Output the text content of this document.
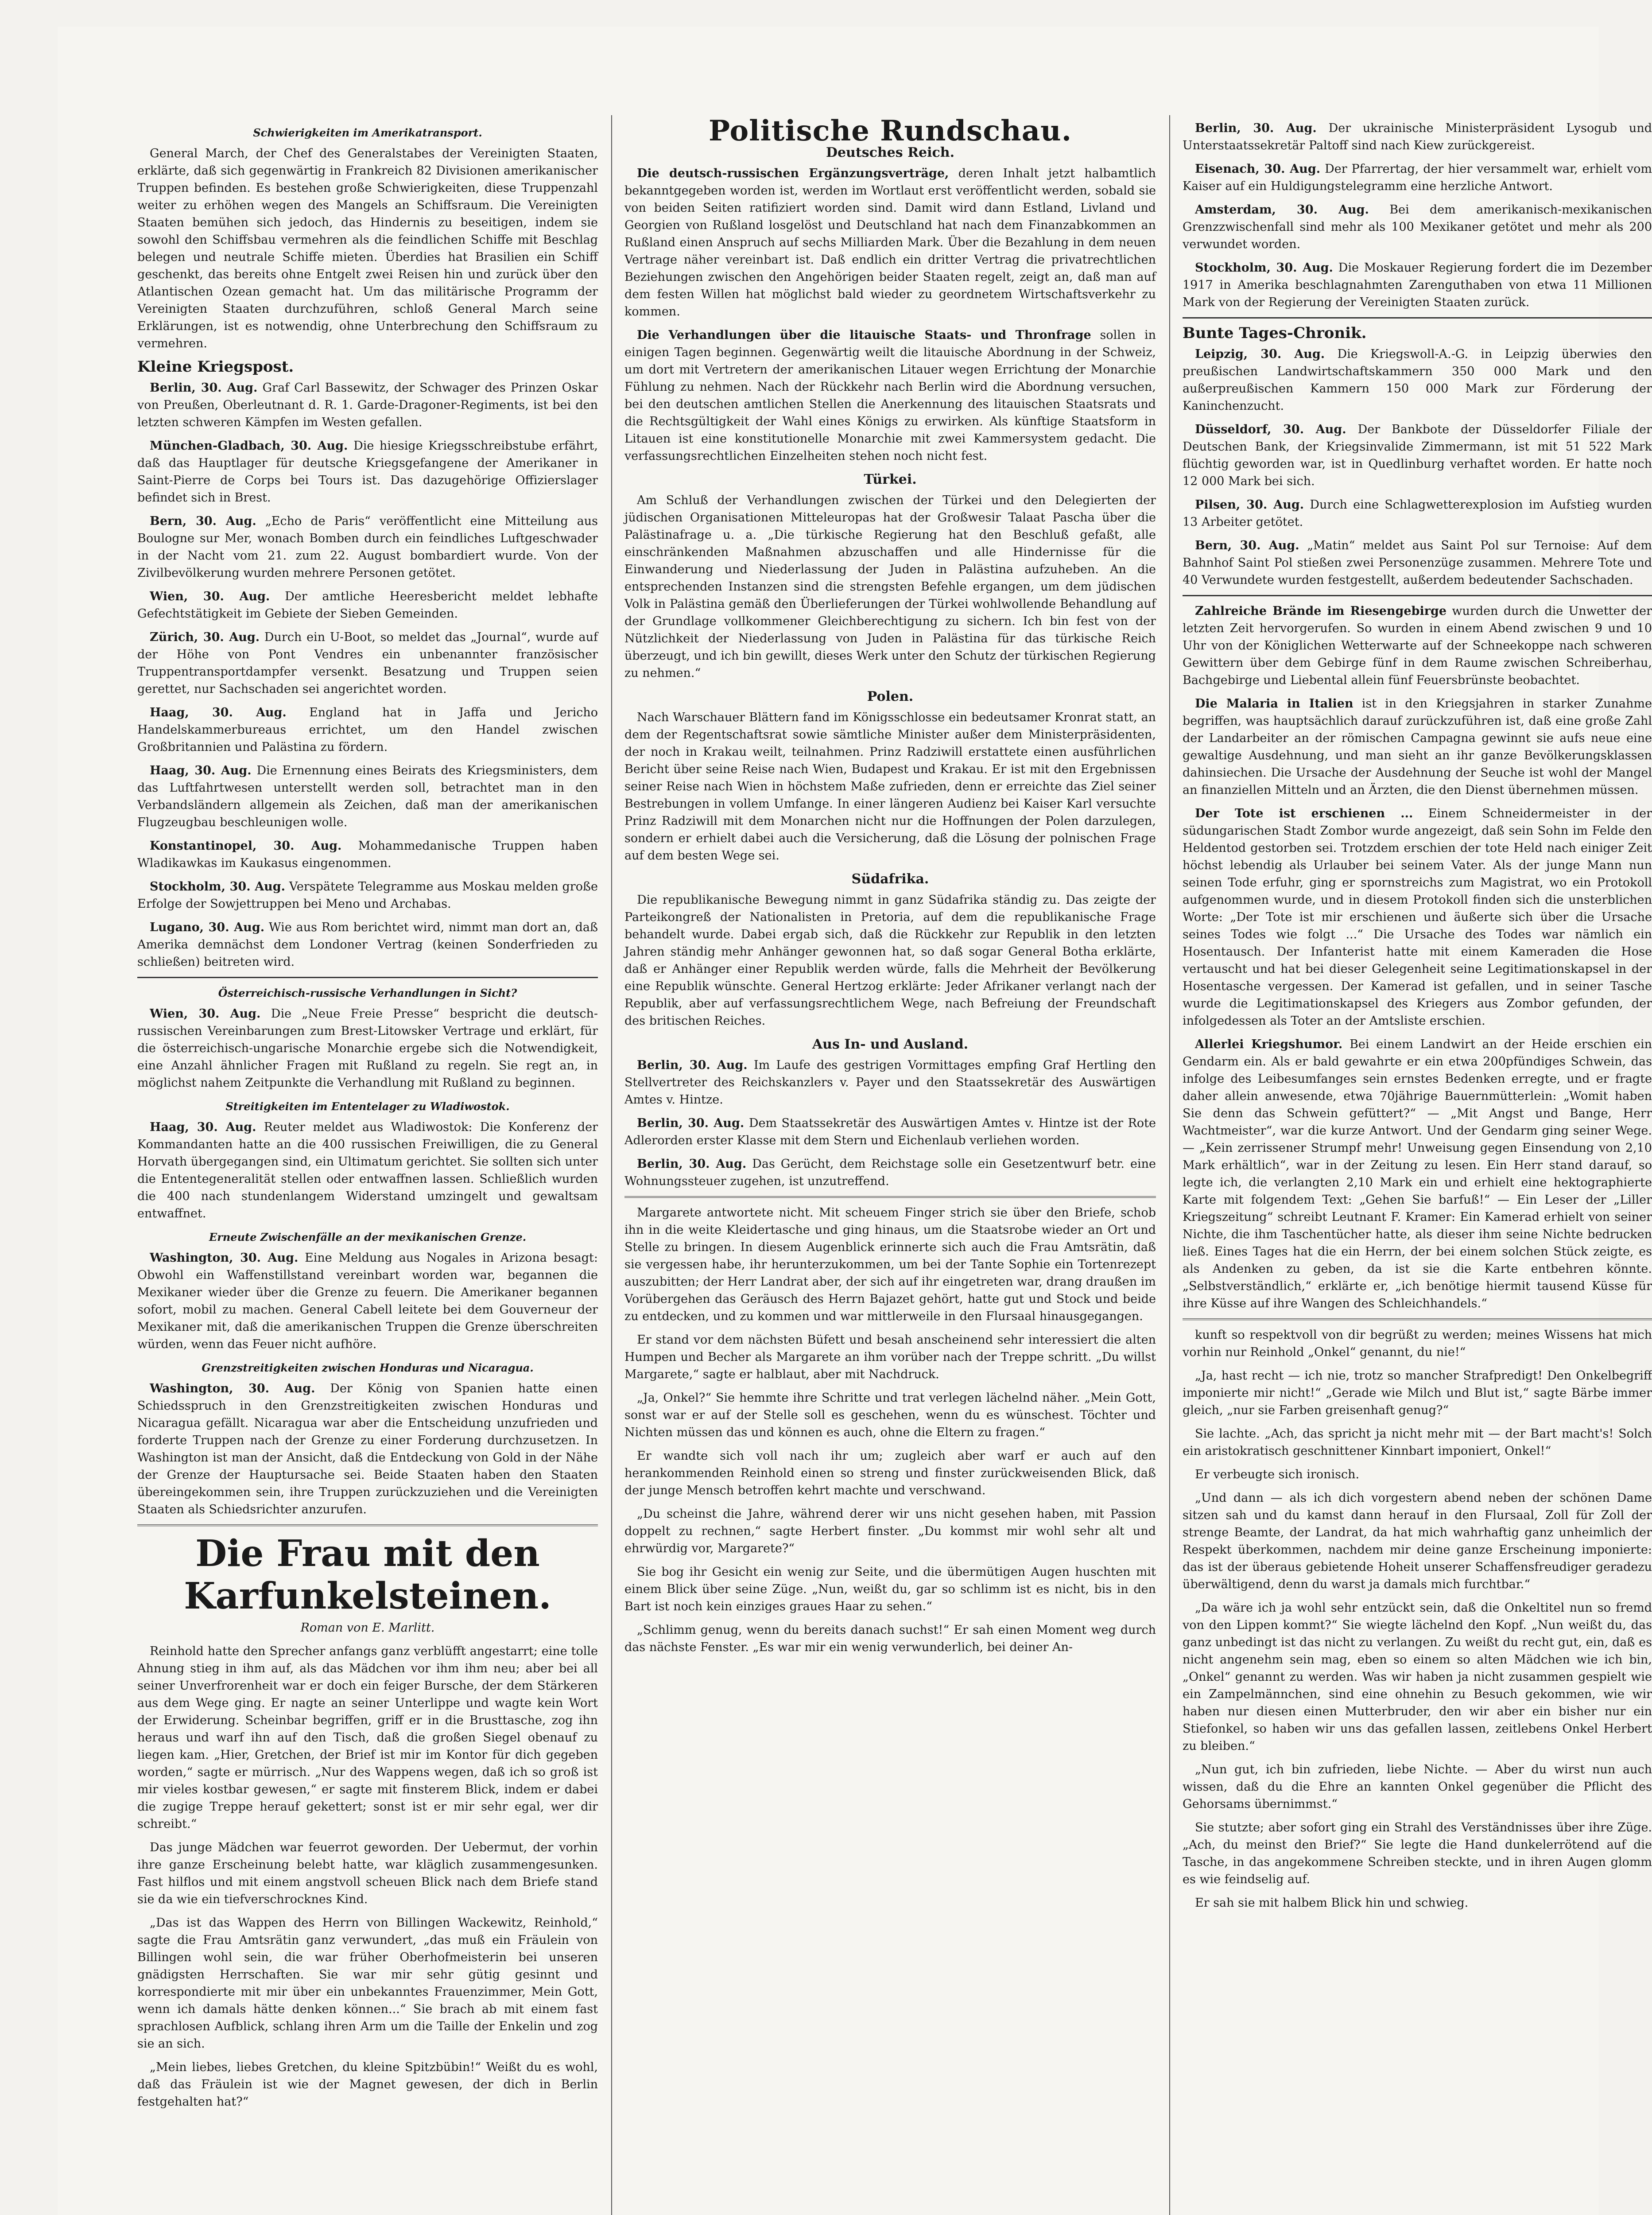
Schwierigkeiten im Amerikatransport.

General March, der Chef des Generalstabes der Vereinigten Staaten, erklärte, daß sich gegenwärtig in Frankreich 82 Divisionen amerikanischer Truppen befinden. Es bestehen große Schwierigkeiten, diese Truppenzahl weiter zu erhöhen wegen des Mangels an Schiffsraum. Die Vereinigten Staaten bemühen sich jedoch, das Hindernis zu beseitigen, indem sie sowohl den Schiffsbau vermehren als die feindlichen Schiffe mit Beschlag belegen und neutrale Schiffe mieten. Überdies hat Brasilien ein Schiff geschenkt, das bereits ohne Entgelt zwei Reisen hin und zurück über den Atlantischen Ozean gemacht hat. Um das militärische Programm der Vereinigten Staaten durchzuführen, schloß General March seine Erklärungen, ist es notwendig, ohne Unterbrechung den Schiffsraum zu vermehren.

Kleine Kriegspost.

Berlin, 30. Aug. Graf Carl Bassewitz, der Schwager des Prinzen Oskar von Preußen, Oberleutnant d. R. 1. Garde-Dragoner-Regiments, ist bei den letzten schweren Kämpfen im Westen gefallen.

München-Gladbach, 30. Aug. Die hiesige Kriegsschreibstube erfährt, daß das Hauptlager für deutsche Kriegsgefangene der Amerikaner in Saint-Pierre de Corps bei Tours ist. Das dazugehörige Offizierslager befindet sich in Brest.

Bern, 30. Aug. „Echo de Paris“ veröffentlicht eine Mitteilung aus Boulogne sur Mer, wonach Bomben durch ein feindliches Luftgeschwader in der Nacht vom 21. zum 22. August bombardiert wurde. Von der Zivilbevölkerung wurden mehrere Personen getötet.

Wien, 30. Aug. Der amtliche Heeresbericht meldet lebhafte Gefechtstätigkeit im Gebiete der Sieben Gemeinden.

Zürich, 30. Aug. Durch ein U-Boot, so meldet das „Journal“, wurde auf der Höhe von Pont Vendres ein unbenannter französischer Truppentransportdampfer versenkt. Besatzung und Truppen seien gerettet, nur Sachschaden sei angerichtet worden.

Haag, 30. Aug. England hat in Jaffa und Jericho Handelskammerbureaus errichtet, um den Handel zwischen Großbritannien und Palästina zu fördern.

Haag, 30. Aug. Die Ernennung eines Beirats des Kriegsministers, dem das Luftfahrtwesen unterstellt werden soll, betrachtet man in den Verbandsländern allgemein als Zeichen, daß man der amerikanischen Flugzeugbau beschleunigen wolle.

Konstantinopel, 30. Aug. Mohammedanische Truppen haben Wladikawkas im Kaukasus eingenommen.

Stockholm, 30. Aug. Verspätete Telegramme aus Moskau melden große Erfolge der Sowjettruppen bei Meno und Archabas.

Lugano, 30. Aug. Wie aus Rom berichtet wird, nimmt man dort an, daß Amerika demnächst dem Londoner Vertrag (keinen Sonderfrieden zu schließen) beitreten wird.

Österreichisch-russische Verhandlungen in Sicht?

Wien, 30. Aug. Die „Neue Freie Presse“ bespricht die deutsch-russischen Vereinbarungen zum Brest-Litowsker Vertrage und erklärt, für die österreichisch-ungarische Monarchie ergebe sich die Notwendigkeit, eine Anzahl ähnlicher Fragen mit Rußland zu regeln. Sie regt an, in möglichst nahem Zeitpunkte die Verhandlung mit Rußland zu beginnen.

Streitigkeiten im Ententelager zu Wladiwostok.

Haag, 30. Aug. Reuter meldet aus Wladiwostok: Die Konferenz der Kommandanten hatte an die 400 russischen Freiwilligen, die zu General Horvath übergegangen sind, ein Ultimatum gerichtet. Sie sollten sich unter die Ententegeneralität stellen oder entwaffnen lassen. Schließlich wurden die 400 nach stundenlangem Widerstand umzingelt und gewaltsam entwaffnet.

Erneute Zwischenfälle an der mexikanischen Grenze.

Washington, 30. Aug. Eine Meldung aus Nogales in Arizona besagt: Obwohl ein Waffenstillstand vereinbart worden war, begannen die Mexikaner wieder über die Grenze zu feuern. Die Amerikaner begannen sofort, mobil zu machen. General Cabell leitete bei dem Gouverneur der Mexikaner mit, daß die amerikanischen Truppen die Grenze überschreiten würden, wenn das Feuer nicht aufhöre.

Grenzstreitigkeiten zwischen Honduras und Nicaragua.

Washington, 30. Aug. Der König von Spanien hatte einen Schiedsspruch in den Grenzstreitigkeiten zwischen Honduras und Nicaragua gefällt. Nicaragua war aber die Entscheidung unzufrieden und forderte Truppen nach der Grenze zu einer Forderung durchzusetzen. In Washington ist man der Ansicht, daß die Entdeckung von Gold in der Nähe der Grenze der Hauptursache sei. Beide Staaten haben den Staaten übereingekommen sein, ihre Truppen zurückzuziehen und die Vereinigten Staaten als Schiedsrichter anzurufen.

Die Frau mit den Karfunkelsteinen.
Roman von E. Marlitt.

Reinhold hatte den Sprecher anfangs ganz verblüfft angestarrt; eine tolle Ahnung stieg in ihm auf, als das Mädchen vor ihm ihm neu; aber bei all seiner Unverfrorenheit war er doch ein feiger Bursche, der dem Stärkeren aus dem Wege ging. Er nagte an seiner Unterlippe und wagte kein Wort der Erwiderung. Scheinbar begriffen, griff er in die Brusttasche, zog ihn heraus und warf ihn auf den Tisch, daß die großen Siegel obenauf zu liegen kam. „Hier, Gretchen, der Brief ist mir im Kontor für dich gegeben worden,“ sagte er mürrisch. „Nur des Wappens wegen, daß ich so groß ist mir vieles kostbar gewesen,“ er sagte mit finsterem Blick, indem er dabei die zugige Treppe herauf gekettert; sonst ist er mir sehr egal, wer dir schreibt.“

Das junge Mädchen war feuerrot geworden. Der Uebermut, der vorhin ihre ganze Erscheinung belebt hatte, war kläglich zusammengesunken. Fast hilflos und mit einem angstvoll scheuen Blick nach dem Briefe stand sie da wie ein tiefverschrocknes Kind.

„Das ist das Wappen des Herrn von Billingen Wackewitz, Reinhold,“ sagte die Frau Amtsrätin ganz verwundert, „das muß ein Fräulein von Billingen wohl sein, die war früher Oberhofmeisterin bei unseren gnädigsten Herrschaften. Sie war mir sehr gütig gesinnt und korrespondierte mit mir über ein unbekanntes Frauenzimmer, Mein Gott, wenn ich damals hätte denken können...“ Sie brach ab mit einem fast sprachlosen Aufblick, schlang ihren Arm um die Taille der Enkelin und zog sie an sich.

„Mein liebes, liebes Gretchen, du kleine Spitzbübin!“ Weißt du es wohl, daß das Fräulein ist wie der Magnet gewesen, der dich in Berlin festgehalten hat?“

Politische Rundschau.
Deutsches Reich.

Die deutsch-russischen Ergänzungsverträge, deren Inhalt jetzt halbamtlich bekanntgegeben worden ist, werden im Wortlaut erst veröffentlicht werden, sobald sie von beiden Seiten ratifiziert worden sind. Damit wird dann Estland, Livland und Georgien von Rußland losgelöst und Deutschland hat nach dem Finanzabkommen an Rußland einen Anspruch auf sechs Milliarden Mark. Über die Bezahlung in dem neuen Vertrage näher vereinbart ist. Daß endlich ein dritter Vertrag die privatrechtlichen Beziehungen zwischen den Angehörigen beider Staaten regelt, zeigt an, daß man auf dem festen Willen hat möglichst bald wieder zu geordnetem Wirtschaftsverkehr zu kommen.

Die Verhandlungen über die litauische Staats- und Thronfrage sollen in einigen Tagen beginnen. Gegenwärtig weilt die litauische Abordnung in der Schweiz, um dort mit Vertretern der amerikanischen Litauer wegen Errichtung der Monarchie Fühlung zu nehmen. Nach der Rückkehr nach Berlin wird die Abordnung versuchen, bei den deutschen amtlichen Stellen die Anerkennung des litauischen Staatsrats und die Rechtsgültigkeit der Wahl eines Königs zu erwirken. Als künftige Staatsform in Litauen ist eine konstitutionelle Monarchie mit zwei Kammersystem gedacht. Die verfassungsrechtlichen Einzelheiten stehen noch nicht fest.

Türkei.

Am Schluß der Verhandlungen zwischen der Türkei und den Delegierten der jüdischen Organisationen Mitteleuropas hat der Großwesir Talaat Pascha über die Palästinafrage u. a. „Die türkische Regierung hat den Beschluß gefaßt, alle einschränkenden Maßnahmen abzuschaffen und alle Hindernisse für die Einwanderung und Niederlassung der Juden in Palästina aufzuheben. An die entsprechenden Instanzen sind die strengsten Befehle ergangen, um dem jüdischen Volk in Palästina gemäß den Überlieferungen der Türkei wohlwollende Behandlung auf der Grundlage vollkommener Gleichberechtigung zu sichern. Ich bin fest von der Nützlichkeit der Niederlassung von Juden in Palästina für das türkische Reich überzeugt, und ich bin gewillt, dieses Werk unter den Schutz der türkischen Regierung zu nehmen.“

Polen.

Nach Warschauer Blättern fand im Königsschlosse ein bedeutsamer Kronrat statt, an dem der Regentschaftsrat sowie sämtliche Minister außer dem Ministerpräsidenten, der noch in Krakau weilt, teilnahmen. Prinz Radziwill erstattete einen ausführlichen Bericht über seine Reise nach Wien, Budapest und Krakau. Er ist mit den Ergebnissen seiner Reise nach Wien in höchstem Maße zufrieden, denn er erreichte das Ziel seiner Bestrebungen in vollem Umfange. In einer längeren Audienz bei Kaiser Karl versuchte Prinz Radziwill mit dem Monarchen nicht nur die Hoffnungen der Polen darzulegen, sondern er erhielt dabei auch die Versicherung, daß die Lösung der polnischen Frage auf dem besten Wege sei.

Südafrika.

Die republikanische Bewegung nimmt in ganz Südafrika ständig zu. Das zeigte der Parteikongreß der Nationalisten in Pretoria, auf dem die republikanische Frage behandelt wurde. Dabei ergab sich, daß die Rückkehr zur Republik in den letzten Jahren ständig mehr Anhänger gewonnen hat, so daß sogar General Botha erklärte, daß er Anhänger einer Republik werden würde, falls die Mehrheit der Bevölkerung eine Republik wünschte. General Hertzog erklärte: Jeder Afrikaner verlangt nach der Republik, aber auf verfassungsrechtlichem Wege, nach Befreiung der Freundschaft des britischen Reiches.

Aus In- und Ausland.

Berlin, 30. Aug. Im Laufe des gestrigen Vormittages empfing Graf Hertling den Stellvertreter des Reichskanzlers v. Payer und den Staatssekretär des Auswärtigen Amtes v. Hintze.

Berlin, 30. Aug. Dem Staatssekretär des Auswärtigen Amtes v. Hintze ist der Rote Adlerorden erster Klasse mit dem Stern und Eichenlaub verliehen worden.

Berlin, 30. Aug. Das Gerücht, dem Reichstage solle ein Gesetzentwurf betr. eine Wohnungssteuer zugehen, ist unzutreffend.

Margarete antwortete nicht. Mit scheuem Finger strich sie über den Briefe, schob ihn in die weite Kleidertasche und ging hinaus, um die Staatsrobe wieder an Ort und Stelle zu bringen. In diesem Augenblick erinnerte sich auch die Frau Amtsrätin, daß sie vergessen habe, ihr herunterzukommen, um bei der Tante Sophie ein Tortenrezept auszubitten; der Herr Landrat aber, der sich auf ihr eingetreten war, drang draußen im Vorübergehen das Geräusch des Herrn Bajazet gehört, hatte gut und Stock und beide zu entdecken, und zu kommen und war mittlerweile in den Flursaal hinausgegangen.

Er stand vor dem nächsten Büfett und besah anscheinend sehr interessiert die alten Humpen und Becher als Margarete an ihm vorüber nach der Treppe schritt. „Du willst Margarete,“ sagte er halblaut, aber mit Nachdruck.

„Ja, Onkel?“ Sie hemmte ihre Schritte und trat verlegen lächelnd näher. „Mein Gott, sonst war er auf der Stelle soll es geschehen, wenn du es wünschest. Töchter und Nichten müssen das und können es auch, ohne die Eltern zu fragen.“

Er wandte sich voll nach ihr um; zugleich aber warf er auch auf den herankommenden Reinhold einen so streng und finster zurückweisenden Blick, daß der junge Mensch betroffen kehrt machte und verschwand.

„Du scheinst die Jahre, während derer wir uns nicht gesehen haben, mit Passion doppelt zu rechnen,“ sagte Herbert finster. „Du kommst mir wohl sehr alt und ehrwürdig vor, Margarete?“

Sie bog ihr Gesicht ein wenig zur Seite, und die übermütigen Augen huschten mit einem Blick über seine Züge. „Nun, weißt du, gar so schlimm ist es nicht, bis in den Bart ist noch kein einziges graues Haar zu sehen.“

„Schlimm genug, wenn du bereits danach suchst!“ Er sah einen Moment weg durch das nächste Fenster. „Es war mir ein wenig verwunderlich, bei deiner An-

Berlin, 30. Aug. Der ukrainische Ministerpräsident Lysogub und Unterstaatssekretär Paltoff sind nach Kiew zurückgereist.

Eisenach, 30. Aug. Der Pfarrertag, der hier versammelt war, erhielt vom Kaiser auf ein Huldigungstelegramm eine herzliche Antwort.

Amsterdam, 30. Aug. Bei dem amerikanisch-mexikanischen Grenzzwischenfall sind mehr als 100 Mexikaner getötet und mehr als 200 verwundet worden.

Stockholm, 30. Aug. Die Moskauer Regierung fordert die im Dezember 1917 in Amerika beschlagnahmten Zarenguthaben von etwa 11 Millionen Mark von der Regierung der Vereinigten Staaten zurück.

Bunte Tages-Chronik.

Leipzig, 30. Aug. Die Kriegswoll-A.-G. in Leipzig überwies den preußischen Landwirtschaftskammern 350 000 Mark und den außerpreußischen Kammern 150 000 Mark zur Förderung der Kaninchenzucht.

Düsseldorf, 30. Aug. Der Bankbote der Düsseldorfer Filiale der Deutschen Bank, der Kriegsinvalide Zimmermann, ist mit 51 522 Mark flüchtig geworden war, ist in Quedlinburg verhaftet worden. Er hatte noch 12 000 Mark bei sich.

Pilsen, 30. Aug. Durch eine Schlagwetterexplosion im Aufstieg wurden 13 Arbeiter getötet.

Bern, 30. Aug. „Matin“ meldet aus Saint Pol sur Ternoise: Auf dem Bahnhof Saint Pol stießen zwei Personenzüge zusammen. Mehrere Tote und 40 Verwundete wurden festgestellt, außerdem bedeutender Sachschaden.

Zahlreiche Brände im Riesengebirge wurden durch die Unwetter der letzten Zeit hervorgerufen. So wurden in einem Abend zwischen 9 und 10 Uhr von der Königlichen Wetterwarte auf der Schneekoppe nach schweren Gewittern über dem Gebirge fünf in dem Raume zwischen Schreiberhau, Bachgebirge und Liebental allein fünf Feuersbrünste beobachtet.

Die Malaria in Italien ist in den Kriegsjahren in starker Zunahme begriffen, was hauptsächlich darauf zurückzuführen ist, daß eine große Zahl der Landarbeiter an der römischen Campagna gewinnt sie aufs neue eine gewaltige Ausdehnung, und man sieht an ihr ganze Bevölkerungsklassen dahinsiechen. Die Ursache der Ausdehnung der Seuche ist wohl der Mangel an finanziellen Mitteln und an Ärzten, die den Dienst übernehmen müssen.

Der Tote ist erschienen ... Einem Schneidermeister in der südungarischen Stadt Zombor wurde angezeigt, daß sein Sohn im Felde den Heldentod gestorben sei. Trotzdem erschien der tote Held nach einiger Zeit höchst lebendig als Urlauber bei seinem Vater. Als der junge Mann nun seinen Tode erfuhr, ging er spornstreichs zum Magistrat, wo ein Protokoll aufgenommen wurde, und in diesem Protokoll finden sich die unsterblichen Worte: „Der Tote ist mir erschienen und äußerte sich über die Ursache seines Todes wie folgt ...“ Die Ursache des Todes war nämlich ein Hosentausch. Der Infanterist hatte mit einem Kameraden die Hose vertauscht und hat bei dieser Gelegenheit seine Legitimationskapsel in der Hosentasche vergessen. Der Kamerad ist gefallen, und in seiner Tasche wurde die Legitimationskapsel des Kriegers aus Zombor gefunden, der infolgedessen als Toter an der Amtsliste erschien.

Allerlei Kriegshumor. Bei einem Landwirt an der Heide erschien ein Gendarm ein. Als er bald gewahrte er ein etwa 200pfündiges Schwein, das infolge des Leibesumfanges sein ernstes Bedenken erregte, und er fragte daher allein anwesende, etwa 70jährige Bauernmütterlein: „Womit haben Sie denn das Schwein gefüttert?“ — „Mit Angst und Bange, Herr Wachtmeister“, war die kurze Antwort. Und der Gendarm ging seiner Wege. — „Kein zerrissener Strumpf mehr! Unweisung gegen Einsendung von 2,10 Mark erhältlich“, war in der Zeitung zu lesen. Ein Herr stand darauf, so legte ich, die verlangten 2,10 Mark ein und erhielt eine hektographierte Karte mit folgendem Text: „Gehen Sie barfuß!“ — Ein Leser der „Liller Kriegszeitung“ schreibt Leutnant F. Kramer: Ein Kamerad erhielt von seiner Nichte, die ihm Taschentücher hatte, als dieser ihm seine Nichte bedrucken ließ. Eines Tages hat die ein Herrn, der bei einem solchen Stück zeigte, es als Andenken zu geben, da ist sie die Karte entbehren könnte. „Selbstverständlich,“ erklärte er, „ich benötige hiermit tausend Küsse für ihre Küsse auf ihre Wangen des Schleichhandels.“

kunft so respektvoll von dir begrüßt zu werden; meines Wissens hat mich vorhin nur Reinhold „Onkel“ genannt, du nie!“

„Ja, hast recht — ich nie, trotz so mancher Strafpredigt! Den Onkelbegriff imponierte mir nicht!“ „Gerade wie Milch und Blut ist,“ sagte Bärbe immer gleich, „nur sie Farben greisenhaft genug?“

Sie lachte. „Ach, das spricht ja nicht mehr mit — der Bart macht's! Solch ein aristokratisch geschnittener Kinnbart imponiert, Onkel!“

Er verbeugte sich ironisch.

„Und dann — als ich dich vorgestern abend neben der schönen Dame sitzen sah und du kamst dann herauf in den Flursaal, Zoll für Zoll der strenge Beamte, der Landrat, da hat mich wahrhaftig ganz unheimlich der Respekt überkommen, nachdem mir deine ganze Erscheinung imponierte: das ist der überaus gebietende Hoheit unserer Schaffensfreudiger geradezu überwältigend, denn du warst ja damals mich furchtbar.“

„Da wäre ich ja wohl sehr entzückt sein, daß die Onkeltitel nun so fremd von den Lippen kommt?“ Sie wiegte lächelnd den Kopf. „Nun weißt du, das ganz unbedingt ist das nicht zu verlangen. Zu weißt du recht gut, ein, daß es nicht angenehm sein mag, eben so einem so alten Mädchen wie ich bin, „Onkel“ genannt zu werden. Was wir haben ja nicht zusammen gespielt wie ein Zampelmännchen, sind eine ohnehin zu Besuch gekommen, wie wir haben nur diesen einen Mutterbruder, den wir aber ein bisher nur ein Stiefonkel, so haben wir uns das gefallen lassen, zeitlebens Onkel Herbert zu bleiben.“

„Nun gut, ich bin zufrieden, liebe Nichte. — Aber du wirst nun auch wissen, daß du die Ehre an kannten Onkel gegenüber die Pflicht des Gehorsams übernimmst.“

Sie stutzte; aber sofort ging ein Strahl des Verständnisses über ihre Züge. „Ach, du meinst den Brief?“ Sie legte die Hand dunkelerrötend auf die Tasche, in das angekommene Schreiben steckte, und in ihren Augen glomm es wie feindselig auf.

Er sah sie mit halbem Blick hin und schwieg.
